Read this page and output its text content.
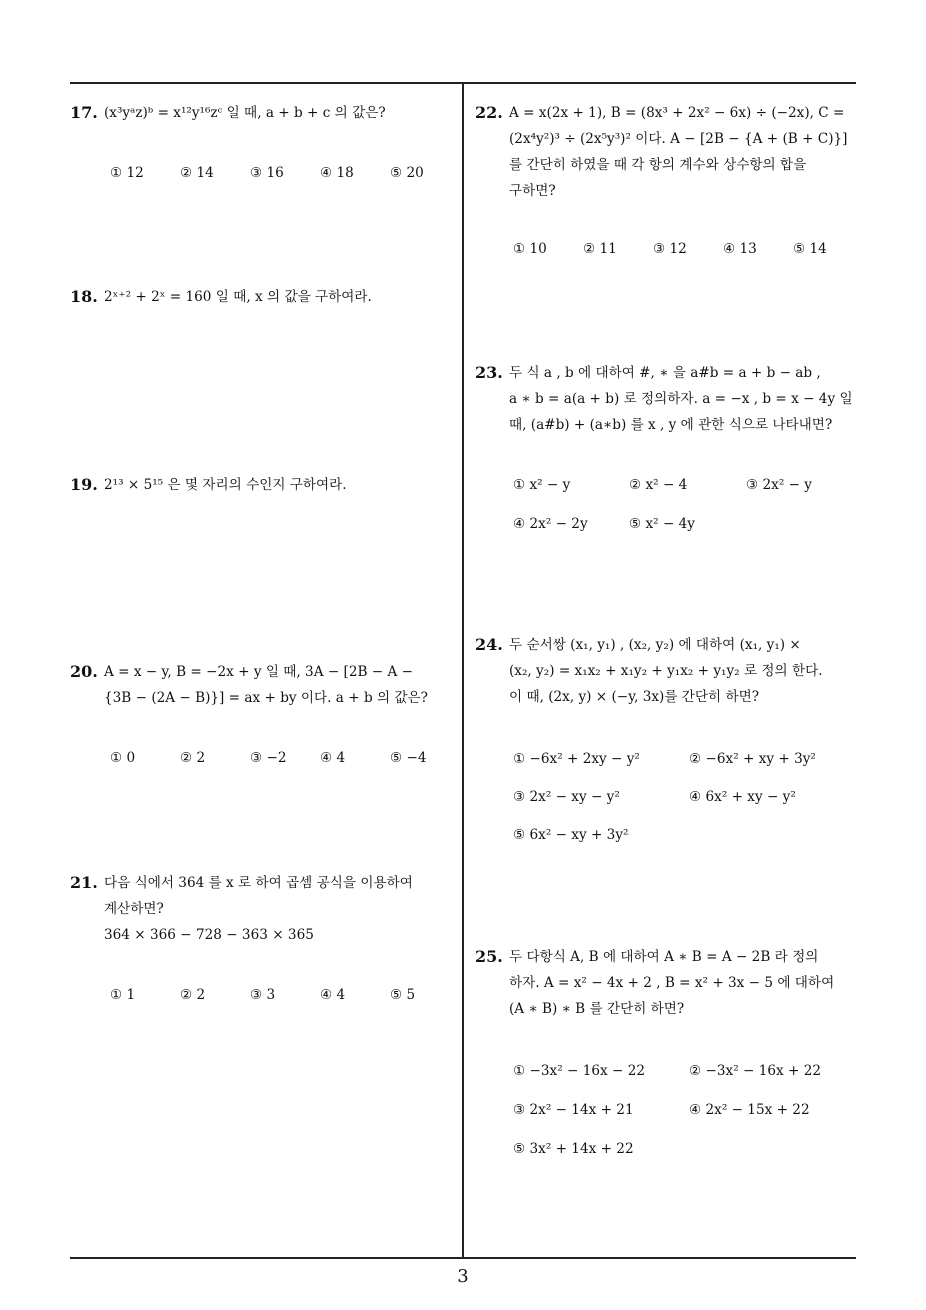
3
17. (x³yᵃz)ᵇ = x¹²y¹⁶zᶜ 일 때, a + b + c 의 값은?
① 12	② 14	③ 16	④ 18	⑤ 20
18. 2ˣ⁺² + 2ˣ = 160 일 때, x 의 값을 구하여라.
19. 2¹³ × 5¹⁵ 은 몇 자리의 수인지 구하여라.
20. A = x − y, B = −2x + y 일 때, 3A − [2B − A −
{3B − (2A − B)}] = ax + by 이다. a + b 의 값은?
① 0	② 2	③ −2 ④ 4	⑤ −4
21. 다음 식에서 364 를 x 로 하여 곱셈 공식을 이용하여
계산하면?
364 × 366 − 728 − 363 × 365
① 1	② 2	③ 3	④ 4	⑤ 5
22. A = x(2x + 1), B = (8x³ + 2x² − 6x) ÷ (−2x), C =
(2x⁴y²)³ ÷ (2x⁵y³)² 이다. A − [2B − {A + (B + C)}]
를 간단히 하였을 때 각 항의 계수와 상수항의 합을
구하면?
① 10	② 11	③ 12	④ 13	⑤ 14
23. 두 식 a , b 에 대하여 #, ∗ 을 a#b = a + b − ab ,
a ∗ b = a(a + b) 로 정의하자. a = −x , b = x − 4y 일
때, (a#b) + (a∗b) 를 x , y 에 관한 식으로 나타내면?
① x² − y	② x² − 4	③ 2x² − y
④ 2x² − 2y	⑤ x² − 4y
24. 두 순서쌍 (x₁, y₁) , (x₂, y₂) 에 대하여 (x₁, y₁) ×
(x₂, y₂) = x₁x₂ + x₁y₂ + y₁x₂ + y₁y₂ 로 정의 한다.
이 때, (2x, y) × (−y, 3x)를 간단히 하면?
① −6x² + 2xy − y²	② −6x² + xy + 3y²
③ 2x² − xy − y²	④ 6x² + xy − y²
⑤ 6x² − xy + 3y²
25. 두 다항식 A, B 에 대하여 A ∗ B = A − 2B 라 정의
하자. A = x² − 4x + 2 , B = x² + 3x − 5 에 대하여
(A ∗ B) ∗ B 를 간단히 하면?
① −3x² − 16x − 22	② −3x² − 16x + 22
③ 2x² − 14x + 21	④ 2x² − 15x + 22
⑤ 3x² + 14x + 22
